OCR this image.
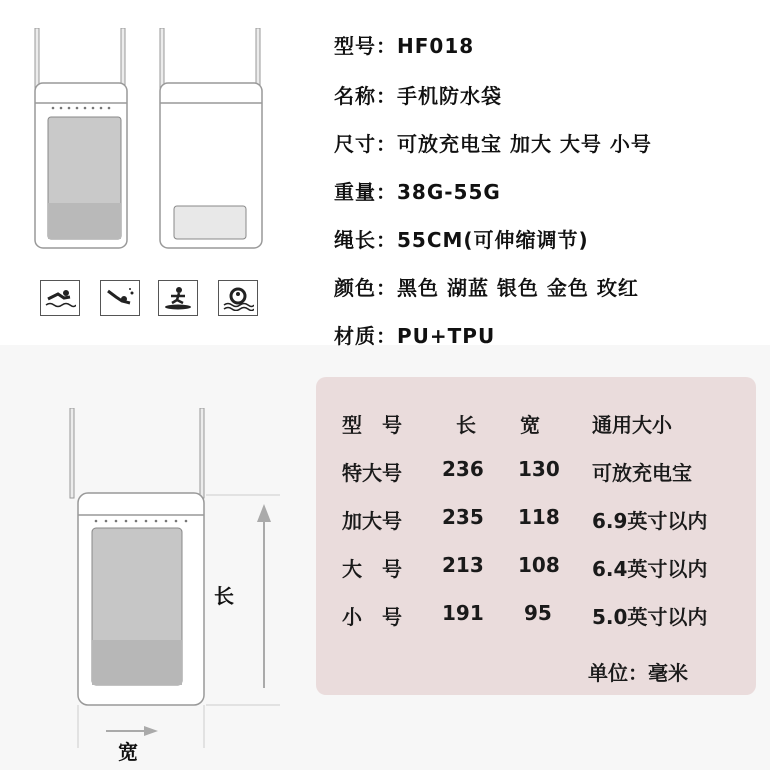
型号：HF018
名称：手机防水袋
尺寸：可放充电宝 加大 大号 小号
重量：38G-55G
绳长：55CM(可伸缩调节)
颜色：黑色 湖蓝 银色 金色 玫红
材质：PU+TPU
长
宽
型　号	长 宽	通用大小
特大号 236 130 可放充电宝
加大号 235 118 6.9英寸以内
大　号 213 108 6.4英寸以内
小　号 191 95 5.0英寸以内
单位：毫米
